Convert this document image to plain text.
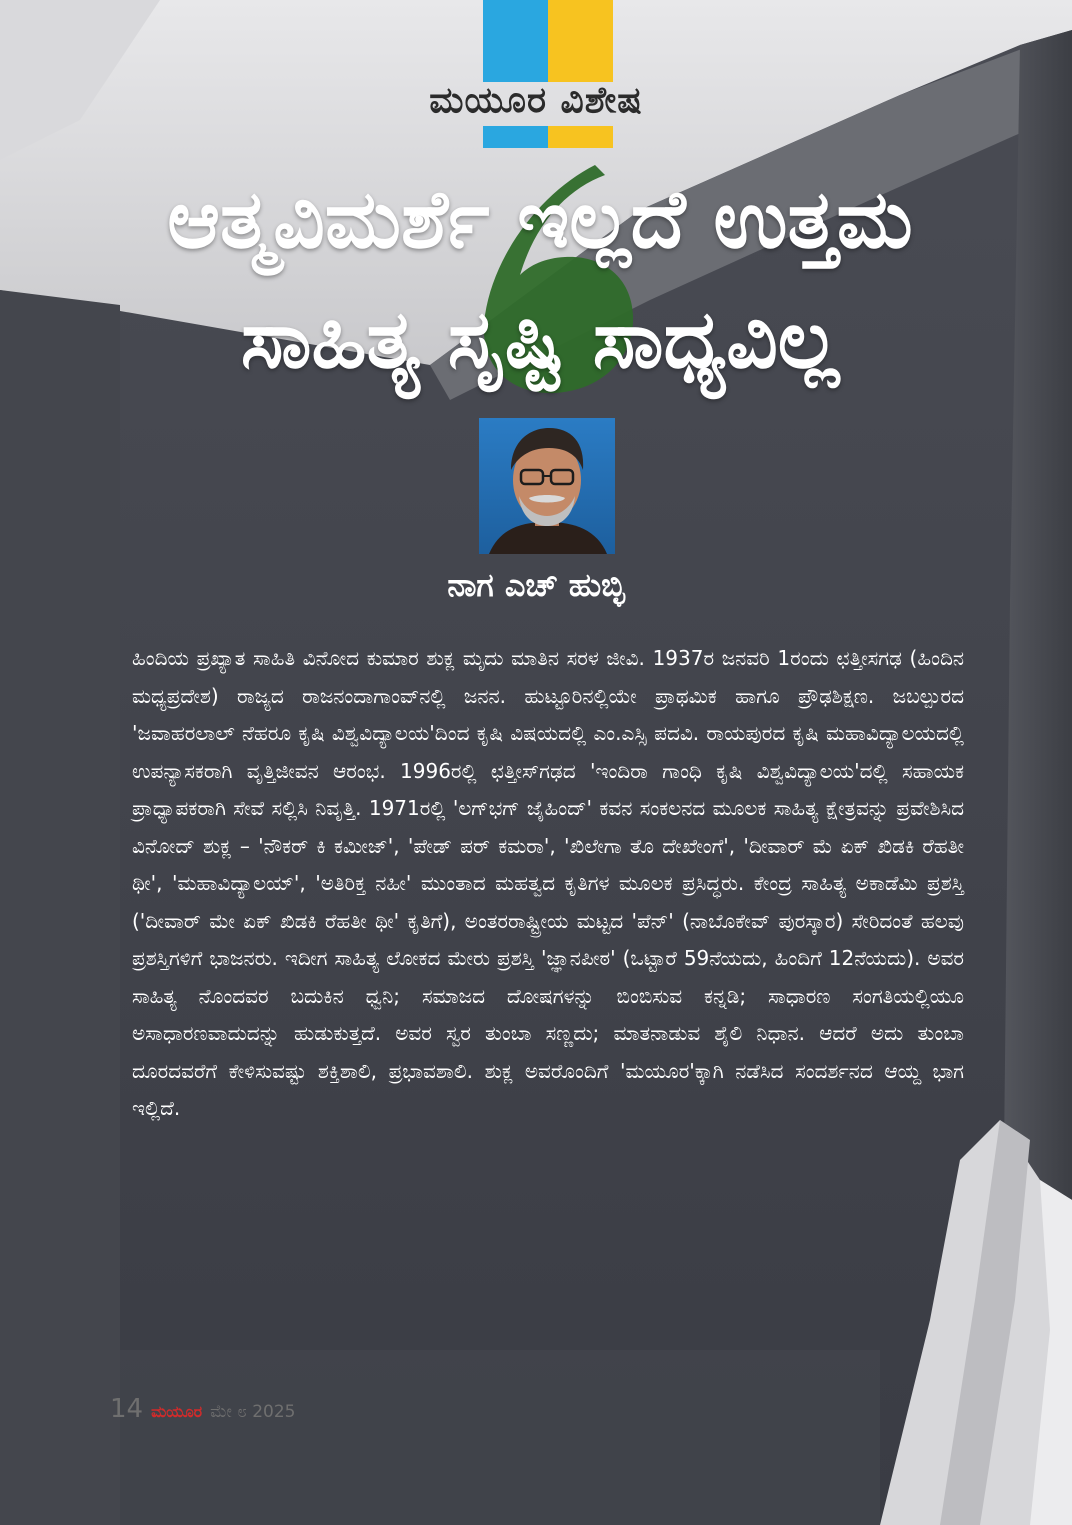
ಮಯೂರ ವಿಶೇಷ
ಆತ್ಮವಿಮರ್ಶೆ ಇಲ್ಲದೆ ಉತ್ತಮ
ಸಾಹಿತ್ಯ ಸೃಷ್ಟಿ ಸಾಧ್ಯವಿಲ್ಲ
ನಾಗ ಎಚ್‌ ಹುಬ್ಳಿ
ಹಿಂದಿಯ ಪ್ರಖ್ಯಾತ ಸಾಹಿತಿ ವಿನೋದ ಕುಮಾರ ಶುಕ್ಲ ಮೃದು ಮಾತಿನ ಸರಳ ಜೀವಿ. 1937ರ ಜನವರಿ 1ರಂದು ಛತ್ತೀಸಗಢ (ಹಿಂದಿನ ಮಧ್ಯಪ್ರದೇಶ) ರಾಜ್ಯದ ರಾಜನಂದಾಗಾಂವ್‌ನಲ್ಲಿ ಜನನ. ಹುಟ್ಟೂರಿನಲ್ಲಿಯೇ ಪ್ರಾಥಮಿಕ ಹಾಗೂ ಪ್ರೌಢಶಿಕ್ಷಣ. ಜಬಲ್ಪುರದ 'ಜವಾಹರಲಾಲ್ ನೆಹರೂ ಕೃಷಿ ವಿಶ್ವವಿದ್ಯಾಲಯ'ದಿಂದ ಕೃಷಿ ವಿಷಯದಲ್ಲಿ ಎಂ.ಎಸ್ಸಿ ಪದವಿ. ರಾಯಪುರದ ಕೃಷಿ ಮಹಾವಿದ್ಯಾಲಯದಲ್ಲಿ ಉಪನ್ಯಾಸಕರಾಗಿ ವೃತ್ತಿಜೀವನ ಆರಂಭ. 1996ರಲ್ಲಿ ಛತ್ತೀಸ್‌ಗಢದ 'ಇಂದಿರಾ ಗಾಂಧಿ ಕೃಷಿ ವಿಶ್ವವಿದ್ಯಾಲಯ'ದಲ್ಲಿ ಸಹಾಯಕ ಪ್ರಾಧ್ಯಾಪಕರಾಗಿ ಸೇವೆ ಸಲ್ಲಿಸಿ ನಿವೃತ್ತಿ. 1971ರಲ್ಲಿ 'ಲಗ್‌ಭಗ್ ಜೈಹಿಂದ್' ಕವನ ಸಂಕಲನದ ಮೂಲಕ ಸಾಹಿತ್ಯ ಕ್ಷೇತ್ರವನ್ನು ಪ್ರವೇಶಿಸಿದ ವಿನೋದ್ ಶುಕ್ಲ – 'ನೌಕರ್ ಕಿ ಕಮೀಜ್', 'ಪೇಡ್ ಪರ್ ಕಮರಾ', 'ಖಿಲೇಗಾ ತೊ ದೇಖೇಂಗೆ', 'ದೀವಾರ್ ಮೆ ಏಕ್ ಖಿಡಕಿ ರೆಹತೀ ಥೀ', 'ಮಹಾವಿದ್ಯಾಲಯ್', 'ಅತಿರಿಕ್ತ ನಹೀ' ಮುಂತಾದ ಮಹತ್ವದ ಕೃತಿಗಳ ಮೂಲಕ ಪ್ರಸಿದ್ಧರು. ಕೇಂದ್ರ ಸಾಹಿತ್ಯ ಅಕಾಡೆಮಿ ಪ್ರಶಸ್ತಿ ('ದೀವಾರ್ ಮೇ ಏಕ್ ಖಿಡಕಿ ರೆಹತೀ ಥೀ' ಕೃತಿಗೆ), ಅಂತರರಾಷ್ಟ್ರೀಯ ಮಟ್ಟದ 'ಪೆನ್' (ನಾಬೊಕೇವ್ ಪುರಸ್ಕಾರ) ಸೇರಿದಂತೆ ಹಲವು ಪ್ರಶಸ್ತಿಗಳಿಗೆ ಭಾಜನರು. ಇದೀಗ ಸಾಹಿತ್ಯ ಲೋಕದ ಮೇರು ಪ್ರಶಸ್ತಿ 'ಜ್ಞಾನಪೀಠ' (ಒಟ್ಟಾರೆ 59ನೆಯದು, ಹಿಂದಿಗೆ 12ನೆಯದು). ಅವರ ಸಾಹಿತ್ಯ ನೊಂದವರ ಬದುಕಿನ ಧ್ವನಿ; ಸಮಾಜದ ದೋಷಗಳನ್ನು ಬಿಂಬಿಸುವ ಕನ್ನಡಿ; ಸಾಧಾರಣ ಸಂಗತಿಯಲ್ಲಿಯೂ ಅಸಾಧಾರಣವಾದುದನ್ನು ಹುಡುಕುತ್ತದೆ. ಅವರ ಸ್ವರ ತುಂಬಾ ಸಣ್ಣದು; ಮಾತನಾಡುವ ಶೈಲಿ ನಿಧಾನ. ಆದರೆ ಅದು ತುಂಬಾ ದೂರದವರೆಗೆ ಕೇಳಿಸುವಷ್ಟು ಶಕ್ತಿಶಾಲಿ, ಪ್ರಭಾವಶಾಲಿ. ಶುಕ್ಲ ಅವರೊಂದಿಗೆ 'ಮಯೂರ'ಕ್ಕಾಗಿ ನಡೆಸಿದ ಸಂದರ್ಶನದ ಆಯ್ದ ಭಾಗ ಇಲ್ಲಿದೆ.
14 ಮಯೂರ ಮೇ ೮ 2025
